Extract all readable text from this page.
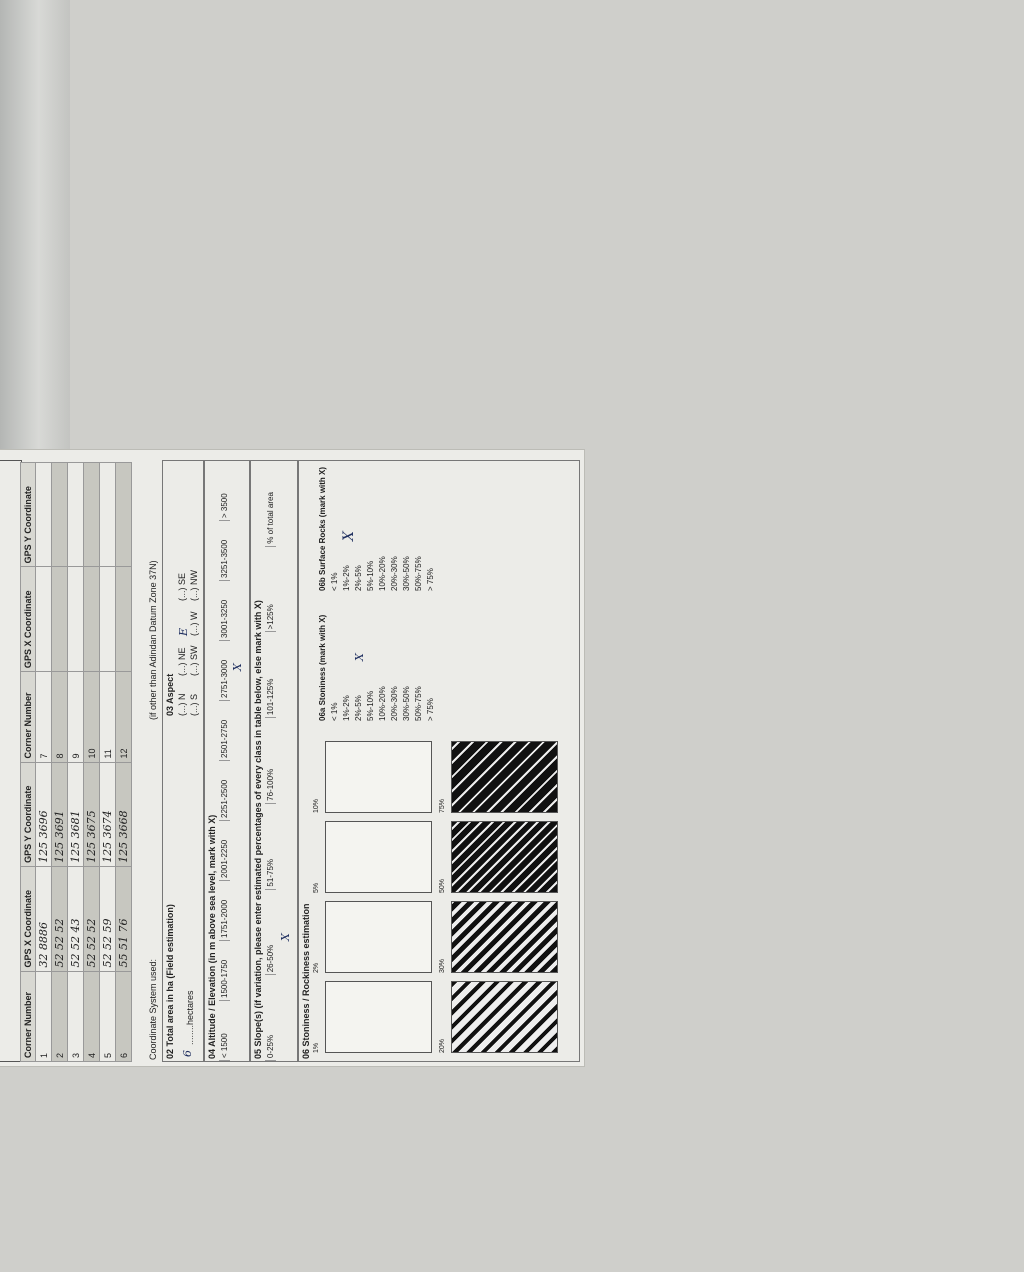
Corner Number	GPS X Coordinate	GPS Y Coordinate	Corner Number	GPS X Coordinate	GPS Y Coordinate
1	32 8886	125 3696	7		
2	52 52 52	125 3691	8		
3	52 52 43	125 3681	9		
4	52 52 52	125 3675	10		
5	52 52 59	125 3674	11		
6	55 51 76	125 3668	12		
Coordinate System used:
(if other than Adindan Datum Zone 37N)
02 Total area in ha (Field estimation) 6
........hectares
03 Aspect (...) N
(...) NE
E
(...) SE
(...) S
(...) SW
(...) W
(...) NW
04 Altitude / Elevation (in m above sea level, mark with X) < 1500
1500-1750
1751-2000
2001-2250
2251-2500
2501-2750
2751-3000
3001-3250
3251-3500
> 3500
X 05 Slope(s) (if variation, please enter estimated percentages of every class in table below, else mark with X) 0-25%
26-50%
51-75%
76-100%
101-125%
>125%
% of total area
X 06 Stoniness / Rockiness estimation 1%
2%
5%
10%
20%
30%
50%
75%
06a Stoniness (mark with X) < 1% 1%-2% 2%-5% 5%-10% 10%-20% 20%-30% 30%-50% 50%-75% > 75%
X
06b Surface Rocks (mark with X) < 1% 1%-2% 2%-5% 5%-10% 10%-20% 20%-30% 30%-50% 50%-75% > 75%
X
